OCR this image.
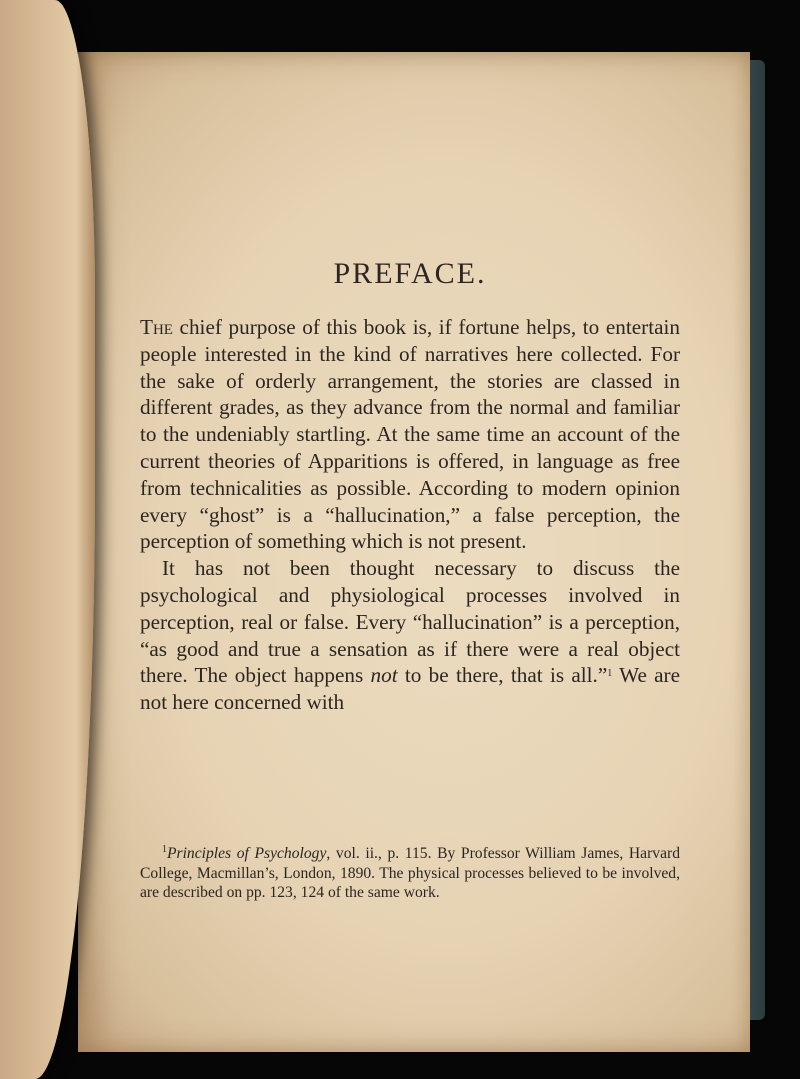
PREFACE.

The chief purpose of this book is, if fortune helps, to entertain people interested in the kind of narratives here collected. For the sake of orderly arrangement, the stories are classed in different grades, as they advance from the normal and familiar to the undeniably startling. At the same time an account of the current theories of Apparitions is offered, in language as free from technicalities as possible. According to modern opinion every “ghost” is a “hallucination,” a false perception, the perception of something which is not present.

It has not been thought necessary to discuss the psychological and physiological processes involved in perception, real or false. Every “hallucination” is a perception, “as good and true a sensation as if there were a real object there. The object happens not to be there, that is all.”$^1$ We are not here concerned with

$^1$Principles of Psychology, vol. ii., p. 115. By Professor William James, Harvard College, Macmillan’s, London, 1890. The physical processes believed to be involved, are described on pp. 123, 124 of the same work.
